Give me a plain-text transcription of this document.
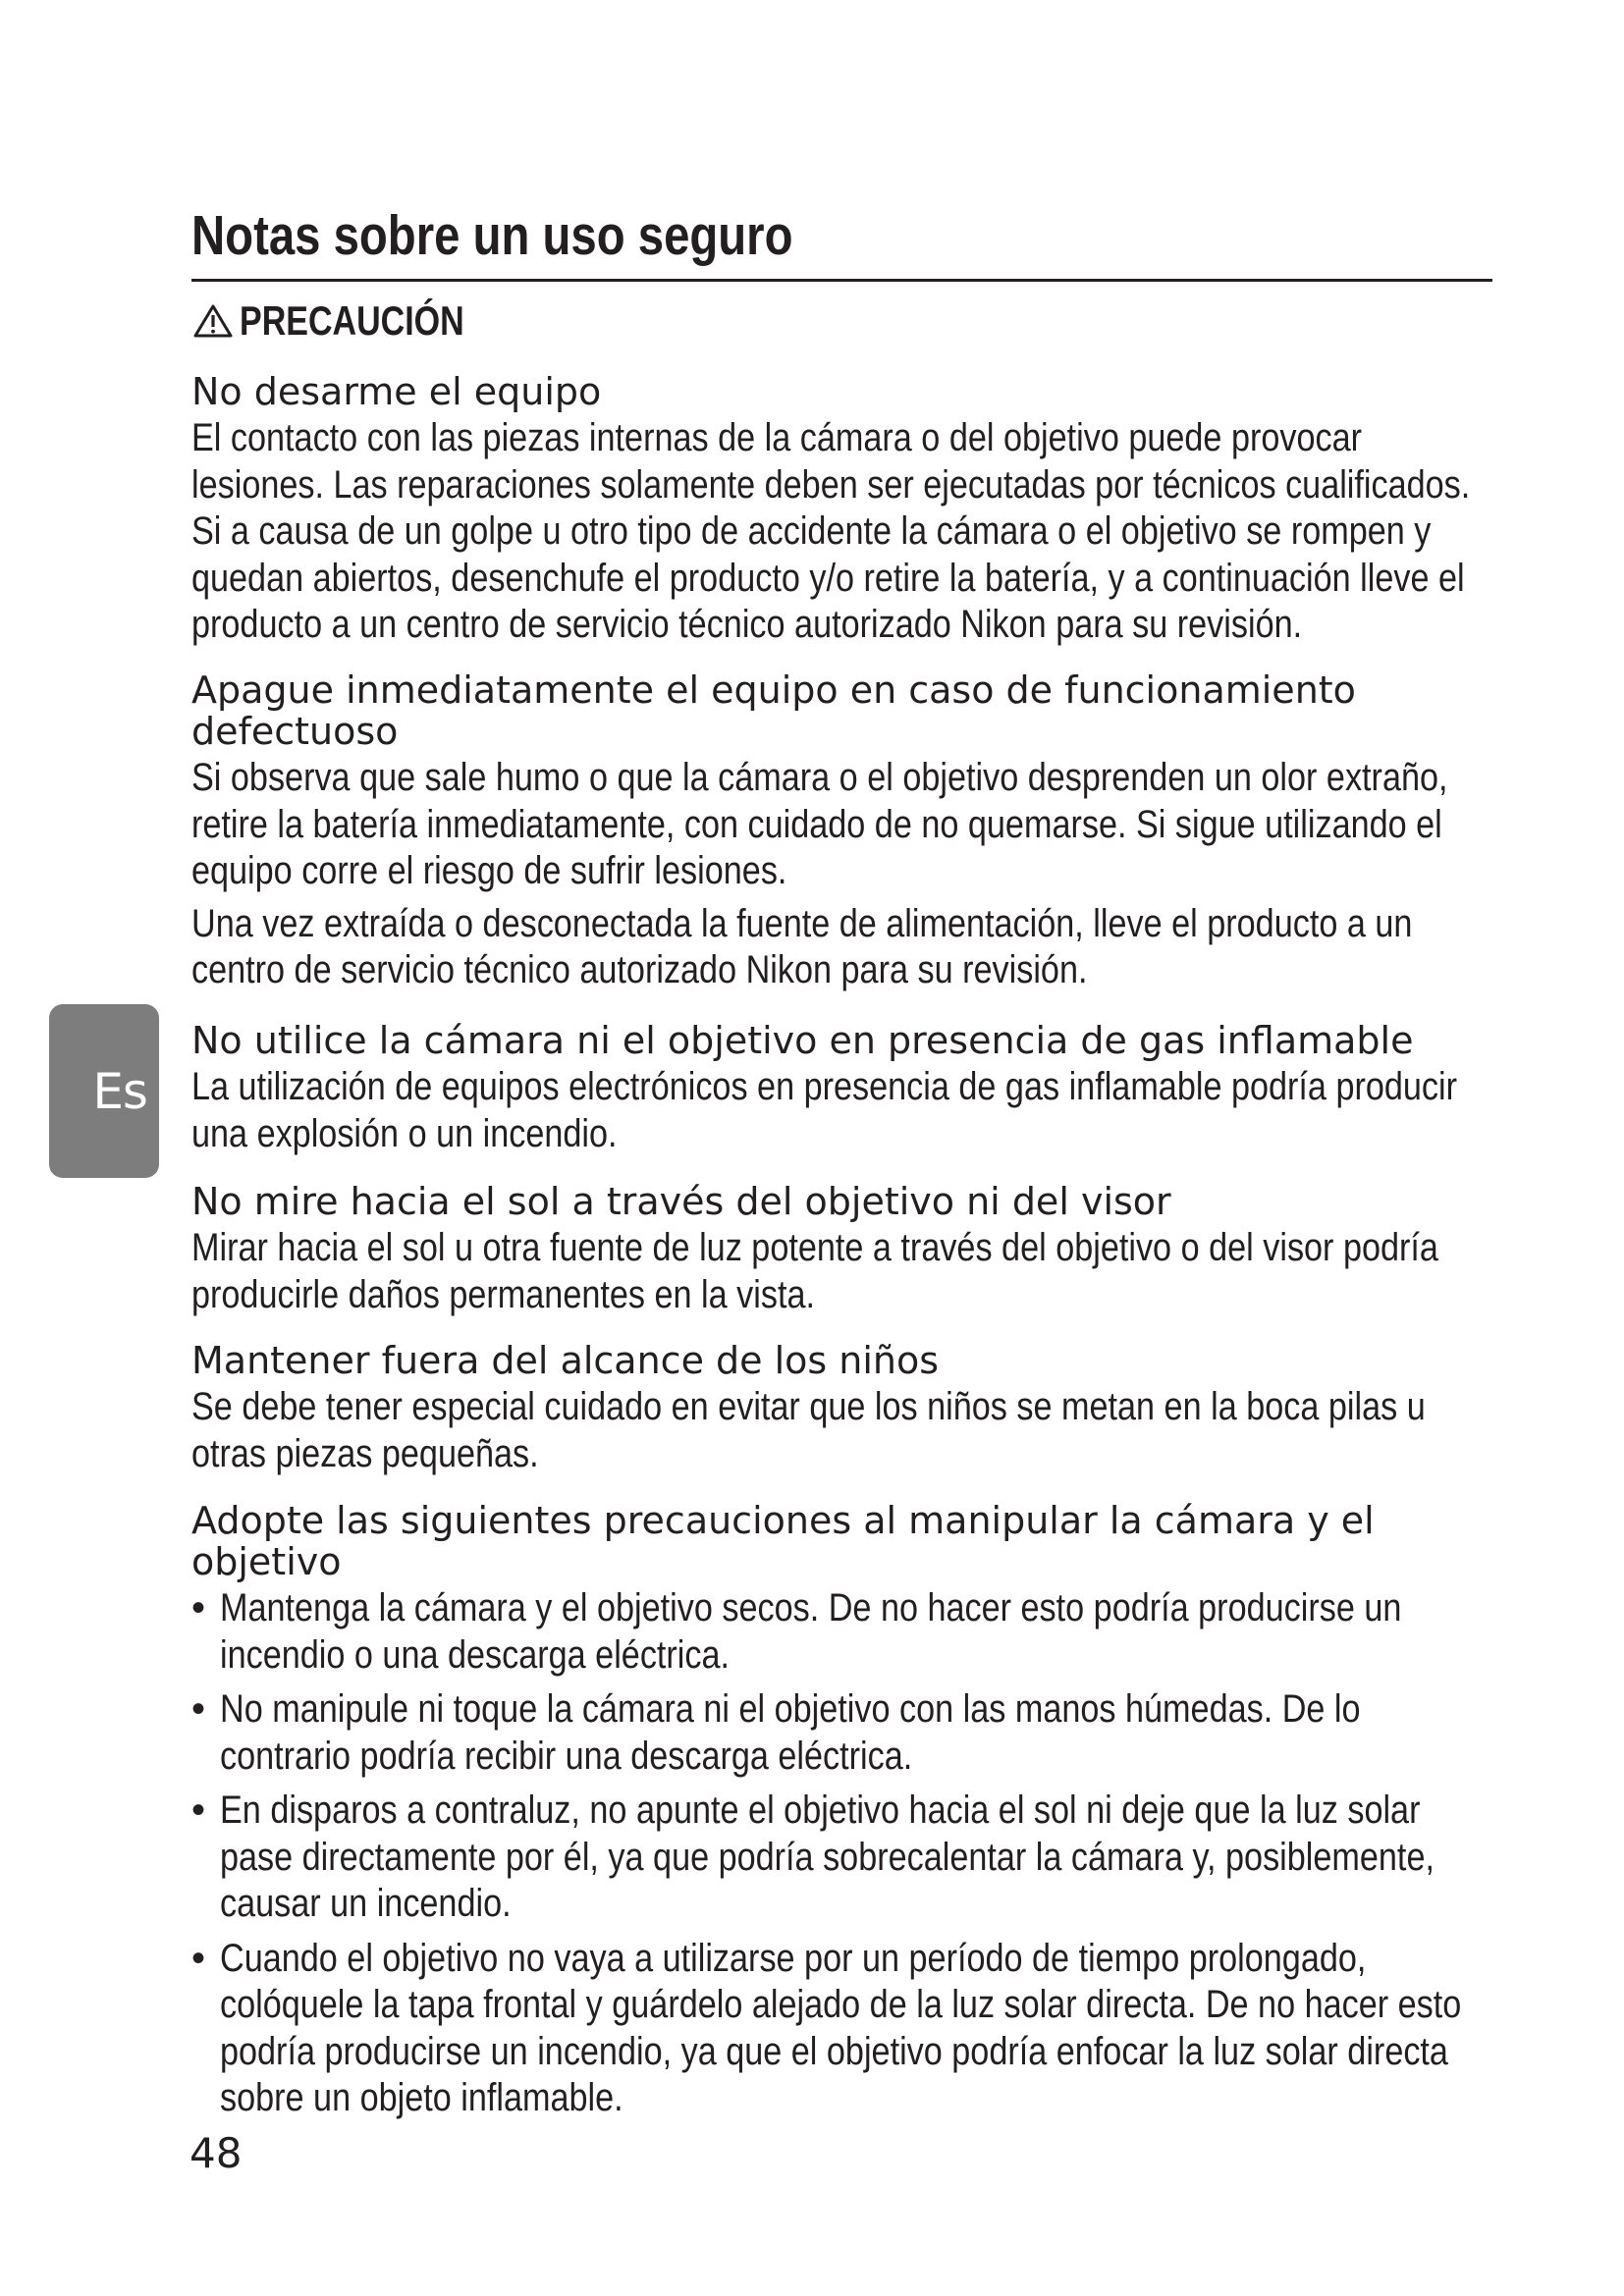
Notas sobre un uso seguro
PRECAUCIÓN
No desarme el equipo
El contacto con las piezas internas de la cámara o del objetivo puede provocar
lesiones. Las reparaciones solamente deben ser ejecutadas por técnicos cualificados.
Si a causa de un golpe u otro tipo de accidente la cámara o el objetivo se rompen y
quedan abiertos, desenchufe el producto y/o retire la batería, y a continuación lleve el
producto a un centro de servicio técnico autorizado Nikon para su revisión.
Apague inmediatamente el equipo en caso de funcionamiento
defectuoso
Si observa que sale humo o que la cámara o el objetivo desprenden un olor extraño,
retire la batería inmediatamente, con cuidado de no quemarse. Si sigue utilizando el
equipo corre el riesgo de sufrir lesiones.
Una vez extraída o desconectada la fuente de alimentación, lleve el producto a un
centro de servicio técnico autorizado Nikon para su revisión.
Es
No utilice la cámara ni el objetivo en presencia de gas inflamable
La utilización de equipos electrónicos en presencia de gas inflamable podría producir
una explosión o un incendio.
No mire hacia el sol a través del objetivo ni del visor
Mirar hacia el sol u otra fuente de luz potente a través del objetivo o del visor podría
producirle daños permanentes en la vista.
Mantener fuera del alcance de los niños
Se debe tener especial cuidado en evitar que los niños se metan en la boca pilas u
otras piezas pequeñas.
Adopte las siguientes precauciones al manipular la cámara y el
objetivo
• Mantenga la cámara y el objetivo secos. De no hacer esto podría producirse un
incendio o una descarga eléctrica.
• No manipule ni toque la cámara ni el objetivo con las manos húmedas. De lo
contrario podría recibir una descarga eléctrica.
• En disparos a contraluz, no apunte el objetivo hacia el sol ni deje que la luz solar
pase directamente por él, ya que podría sobrecalentar la cámara y, posiblemente,
causar un incendio.
• Cuando el objetivo no vaya a utilizarse por un período de tiempo prolongado,
colóquele la tapa frontal y guárdelo alejado de la luz solar directa. De no hacer esto
podría producirse un incendio, ya que el objetivo podría enfocar la luz solar directa
sobre un objeto inflamable.
48
